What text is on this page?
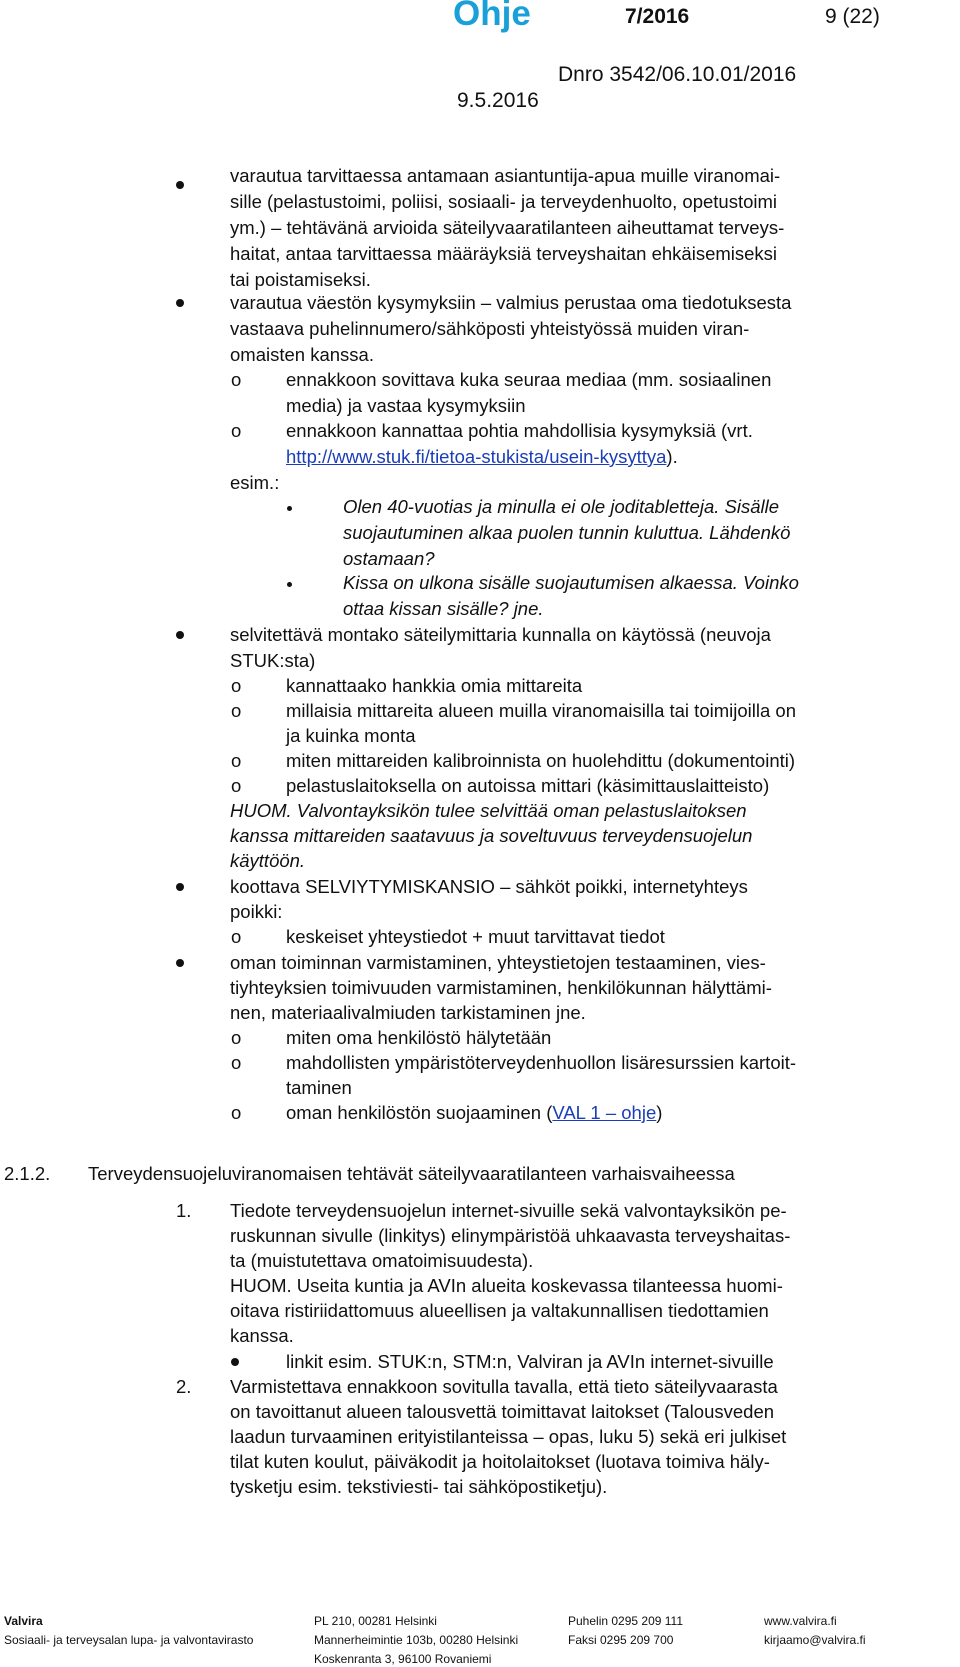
Ohje	7/2016	9 (22)
Dnro 3542/06.10.01/2016
9.5.2016
varautua tarvittaessa antamaan asiantuntija-apua muille viranomai-
sille (pelastustoimi, poliisi, sosiaali- ja terveydenhuolto, opetustoimi
ym.) – tehtävänä arvioida säteilyvaaratilanteen aiheuttamat terveys-
haitat, antaa tarvittaessa määräyksiä terveyshaitan ehkäisemiseksi
tai poistamiseksi.
varautua väestön kysymyksiin – valmius perustaa oma tiedotuksesta
vastaava puhelinnumero/sähköposti yhteistyössä muiden viran-
omaisten kanssa.
o ennakkoon sovittava kuka seuraa mediaa (mm. sosiaalinen
media) ja vastaa kysymyksiin
o ennakkoon kannattaa pohtia mahdollisia kysymyksiä (vrt.
http://www.stuk.fi/tietoa-stukista/usein-kysyttya).
esim.:
Olen 40-vuotias ja minulla ei ole joditabletteja. Sisälle
suojautuminen alkaa puolen tunnin kuluttua. Lähdenkö
ostamaan?
Kissa on ulkona sisälle suojautumisen alkaessa. Voinko
ottaa kissan sisälle? jne.
selvitettävä montako säteilymittaria kunnalla on käytössä (neuvoja
STUK:sta)
o kannattaako hankkia omia mittareita
o millaisia mittareita alueen muilla viranomaisilla tai toimijoilla on
ja kuinka monta
o miten mittareiden kalibroinnista on huolehdittu (dokumentointi)
o pelastuslaitoksella on autoissa mittari (käsimittauslaitteisto)
HUOM. Valvontayksikön tulee selvittää oman pelastuslaitoksen
kanssa mittareiden saatavuus ja soveltuvuus terveydensuojelun
käyttöön.
koottava SELVIYTYMISKANSIO – sähköt poikki, internetyhteys
poikki:
o keskeiset yhteystiedot + muut tarvittavat tiedot
oman toiminnan varmistaminen, yhteystietojen testaaminen, vies-
tiyhteyksien toimivuuden varmistaminen, henkilökunnan hälyttämi-
nen, materiaalivalmiuden tarkistaminen jne.
o miten oma henkilöstö hälytetään
o mahdollisten ympäristöterveydenhuollon lisäresurssien kartoit-
taminen
o oman henkilöstön suojaaminen (VAL 1 – ohje)
2.1.2. Terveydensuojeluviranomaisen tehtävät säteilyvaaratilanteen varhaisvaiheessa
1. Tiedote terveydensuojelun internet-sivuille sekä valvontayksikön pe-
ruskunnan sivulle (linkitys) elinympäristöä uhkaavasta terveyshaitas-
ta (muistutettava omatoimisuudesta).
HUOM. Useita kuntia ja AVIn alueita koskevassa tilanteessa huomi-
oitava ristiriidattomuus alueellisen ja valtakunnallisen tiedottamien
kanssa.
linkit esim. STUK:n, STM:n, Valviran ja AVIn internet-sivuille
2. Varmistettava ennakkoon sovitulla tavalla, että tieto säteilyvaarasta
on tavoittanut alueen talousvettä toimittavat laitokset (Talousveden
laadun turvaaminen erityistilanteissa – opas, luku 5) sekä eri julkiset
tilat kuten koulut, päiväkodit ja hoitolaitokset (luotava toimiva häly-
tysketju esim. tekstiviesti- tai sähköpostiketju).
Valvira
Sosiaali- ja terveysalan lupa- ja valvontavirasto
PL 210, 00281 Helsinki
Mannerheimintie 103b, 00280 Helsinki
Koskenranta 3, 96100 Rovaniemi
Puhelin 0295 209 111
Faksi 0295 209 700
www.valvira.fi
kirjaamo@valvira.fi
